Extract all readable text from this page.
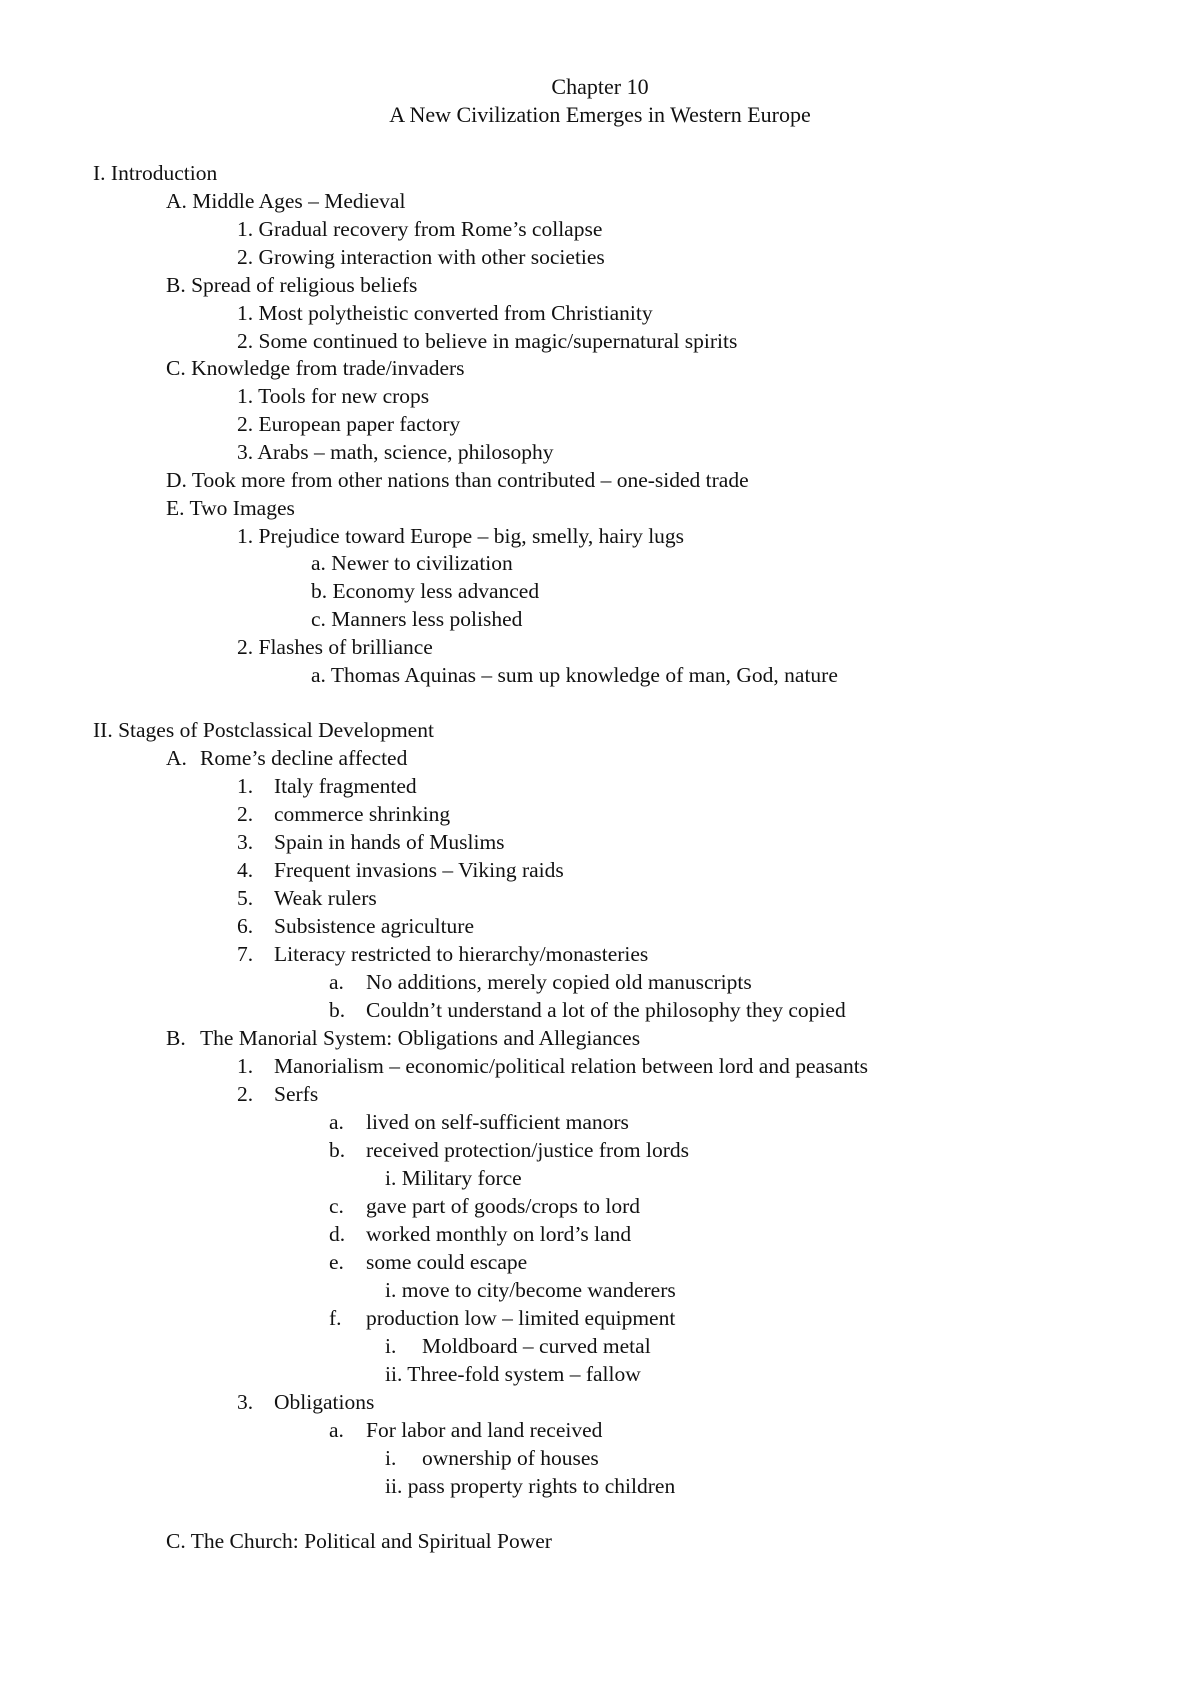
Chapter 10
A New Civilization Emerges in Western Europe
I. Introduction
A. Middle Ages – Medieval
1. Gradual recovery from Rome’s collapse
2. Growing interaction with other societies
B. Spread of religious beliefs
1. Most polytheistic converted from Christianity
2. Some continued to believe in magic/supernatural spirits
C. Knowledge from trade/invaders
1. Tools for new crops
2. European paper factory
3. Arabs – math, science, philosophy
D. Took more from other nations than contributed – one-sided trade
E. Two Images
1. Prejudice toward Europe – big, smelly, hairy lugs
a. Newer to civilization
b. Economy less advanced
c. Manners less polished
2. Flashes of brilliance
a. Thomas Aquinas – sum up knowledge of man, God, nature
II. Stages of Postclassical Development
A. Rome’s decline affected
1. Italy fragmented
2. commerce shrinking
3. Spain in hands of Muslims
4. Frequent invasions – Viking raids
5. Weak rulers
6. Subsistence agriculture
7. Literacy restricted to hierarchy/monasteries
a. No additions, merely copied old manuscripts
b. Couldn’t understand a lot of the philosophy they copied
B. The Manorial System: Obligations and Allegiances
1. Manorialism – economic/political relation between lord and peasants
2. Serfs
a. lived on self-sufficient manors
b. received protection/justice from lords
i. Military force
c. gave part of goods/crops to lord
d. worked monthly on lord’s land
e. some could escape
i. move to city/become wanderers
f. production low – limited equipment
i. Moldboard – curved metal
ii. Three-fold system – fallow
3. Obligations
a. For labor and land received
i. ownership of houses
ii. pass property rights to children
C. The Church: Political and Spiritual Power
